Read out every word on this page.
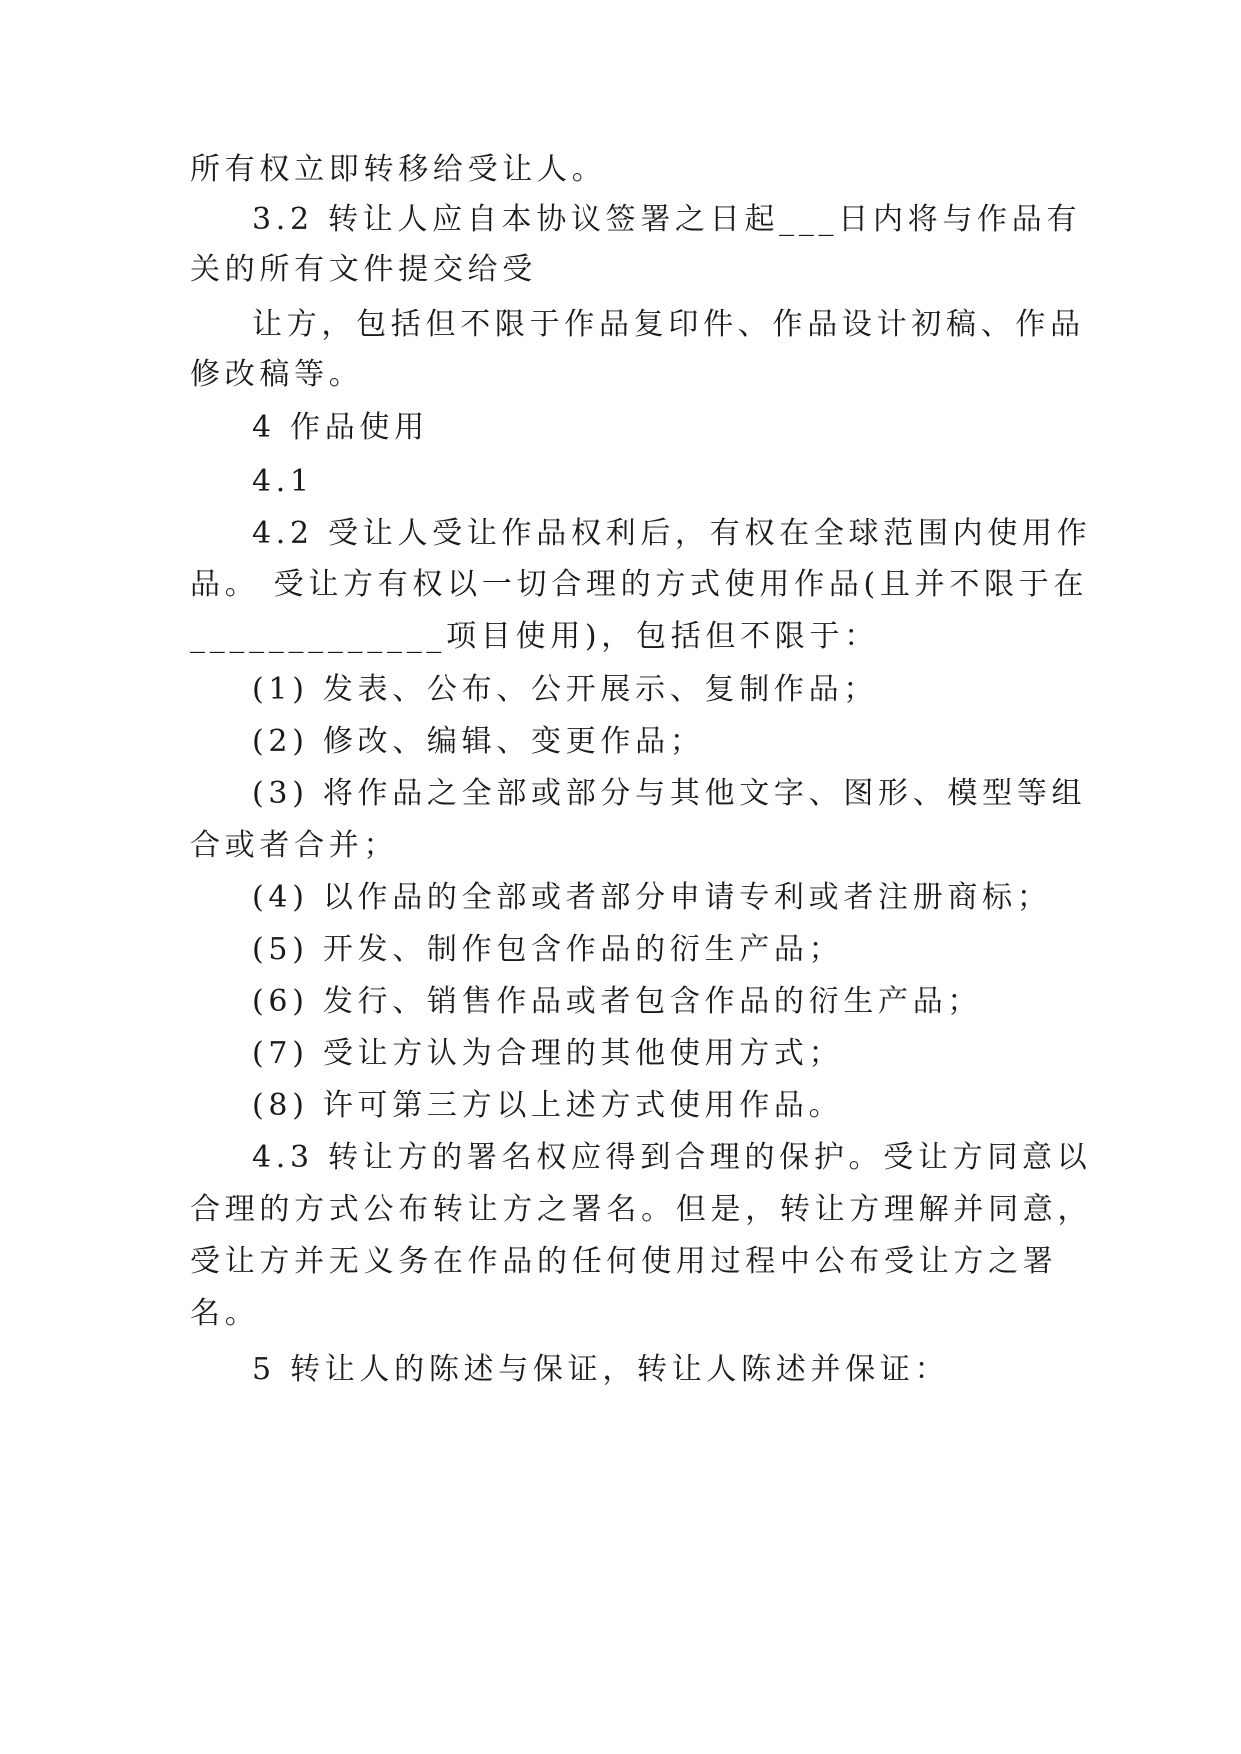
所有权立即转移给受让人。
3.2 转让人应自本协议签署之日起___日内将与作品有
关的所有文件提交给受
让方，包括但不限于作品复印件、作品设计初稿、作品
修改稿等。
4 作品使用
4.1
4.2 受让人受让作品权利后，有权在全球范围内使用作
品。 受让方有权以一切合理的方式使用作品(且并不限于在
_____________项目使用)，包括但不限于：
(1) 发表、公布、公开展示、复制作品；
(2) 修改、编辑、变更作品；
(3) 将作品之全部或部分与其他文字、图形、模型等组
合或者合并；
(4) 以作品的全部或者部分申请专利或者注册商标；
(5) 开发、制作包含作品的衍生产品；
(6) 发行、销售作品或者包含作品的衍生产品；
(7) 受让方认为合理的其他使用方式；
(8) 许可第三方以上述方式使用作品。
4.3 转让方的署名权应得到合理的保护。受让方同意以
合理的方式公布转让方之署名。但是，转让方理解并同意，
受让方并无义务在作品的任何使用过程中公布受让方之署
名。
5 转让人的陈述与保证，转让人陈述并保证：
